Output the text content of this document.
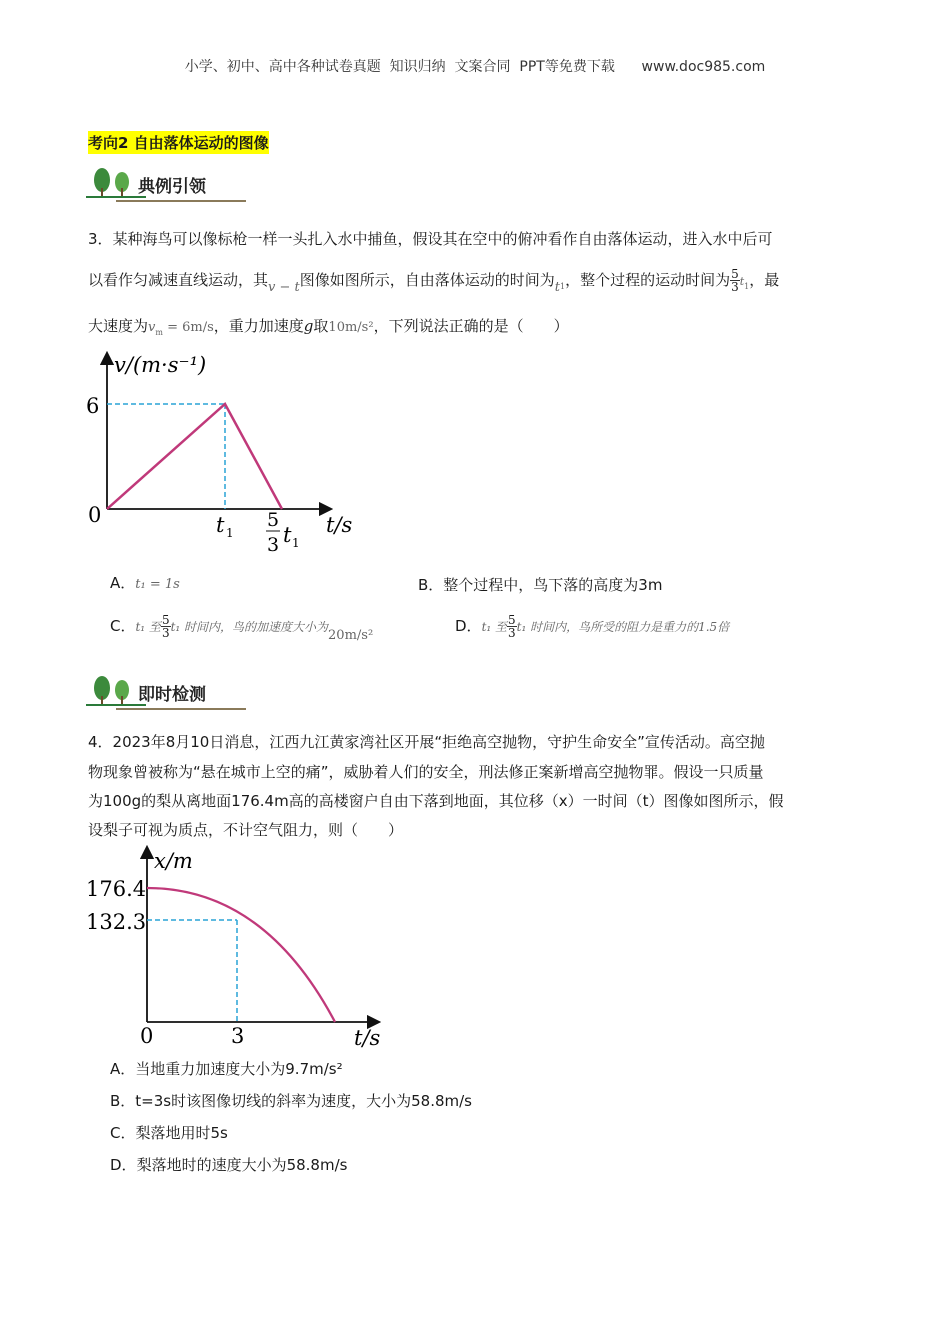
小学、初中、高中各种试卷真题  知识归纳  文案合同  PPT等免费下载      www.doc985.com
考向2 自由落体运动的图像
典例引领
3．某种海鸟可以像标枪一样一头扎入水中捕鱼，假设其在空中的俯冲看作自由落体运动，进入水中后可
以看作匀减速直线运动，其v − t图像如图所示，自由落体运动的时间为$t_1$，整个过程的运动时间为 $\frac{5}{3} t_1$，最
大速度为$v_m = 6m/s$，重力加速度g取10m/s²，下列说法正确的是（　　）
v/(m·s⁻¹)
6
0	t 1
5
3 t 1
t/s
A．t₁ = 1s	B．整个过程中，鸟下落的高度为3m
C．t₁ 至 $\frac{5}{3} t_1$ 时间内，鸟的加速度大小为20m/s²
D．t₁ 至 $\frac{5}{3} t_1$ 时间内，鸟所受的阻力是重力的1.5倍
即时检测
4．2023年8月10日消息，江西九江黄家湾社区开展“拒绝高空抛物，守护生命安全”宣传活动。高空抛
物现象曾被称为“悬在城市上空的痛”，威胁着人们的安全，刑法修正案新增高空抛物罪。假设一只质量
为100g的梨从离地面176.4m高的高楼窗户自由下落到地面，其位移（x）一时间（t）图像如图所示，假
设梨子可视为质点，不计空气阻力，则（　　）
x/m
176.4
132.3
0	3	t/s
A．当地重力加速度大小为9.7m/s²
B．t=3s时该图像切线的斜率为速度，大小为58.8m/s
C．梨落地用时5s
D．梨落地时的速度大小为58.8m/s
